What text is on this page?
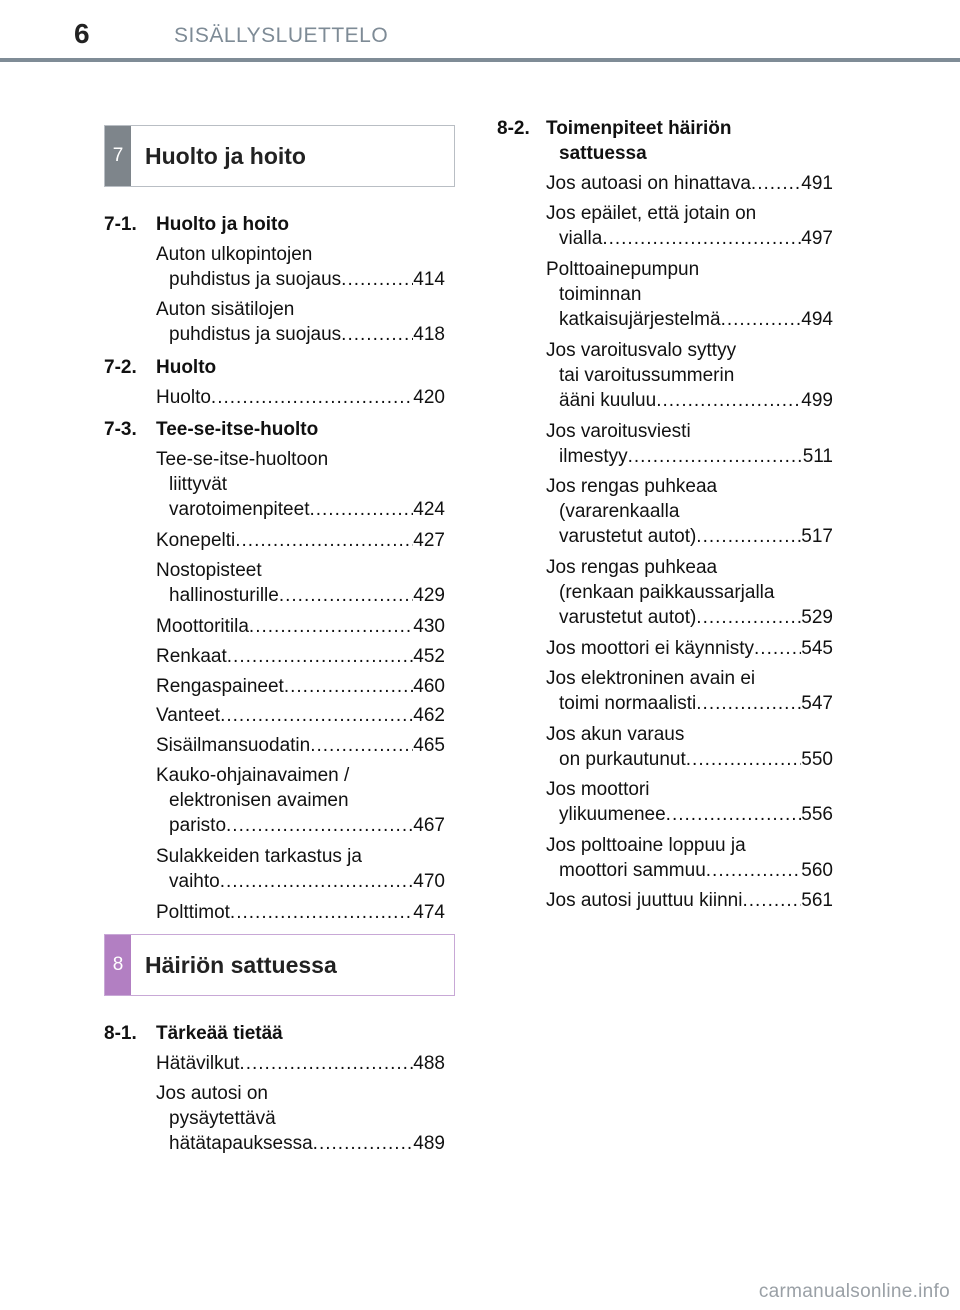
6	SISÄLLYSLUETTELO
7 Huolto ja hoito
7-1. Huolto ja hoito
Auton ulkopintojen
puhdistus ja suojaus .....	414
Auton sisätilojen
puhdistus ja suojaus .....	418
7-2. Huolto
Huolto .....	420
7-3. Tee-se-itse-huolto
Tee-se-itse-huoltoon
liittyvät
varotoimenpiteet .....	424
Konepelti .....	427
Nostopisteet
hallinosturille .....	429
Moottoritila .....	430
Renkaat .....	452
Rengaspaineet .....	460
Vanteet .....	462
Sisäilmansuodatin .....	465
Kauko-ohjainavaimen /
elektronisen avaimen
paristo .....	467
Sulakkeiden tarkastus ja
vaihto .....	470
Polttimot .....	474
8 Häiriön sattuessa
8-1. Tärkeää tietää
Hätävilkut .....	488
Jos autosi on
pysäytettävä
hätätapauksessa .....	489
8-2. Toimenpiteet häiriön
sattuessa
Jos autoasi on hinattava .....	491
Jos epäilet, että jotain on
vialla .....	497
Polttoainepumpun
toiminnan
katkaisujärjestelmä .....	494
Jos varoitusvalo syttyy
tai varoitussummerin
ääni kuuluu .....	499
Jos varoitusviesti
ilmestyy .....	511
Jos rengas puhkeaa
(vararenkaalla
varustetut autot) .....	517
Jos rengas puhkeaa
(renkaan paikkaussarjalla
varustetut autot) .....	529
Jos moottori ei käynnisty ..... 545
Jos elektroninen avain ei
toimi normaalisti .....	547
Jos akun varaus
on purkautunut .....	550
Jos moottori
ylikuumenee .....	556
Jos polttoaine loppuu ja
moottori sammuu .....	560
Jos autosi juuttuu kiinni .....	561
carmanualsonline.info
